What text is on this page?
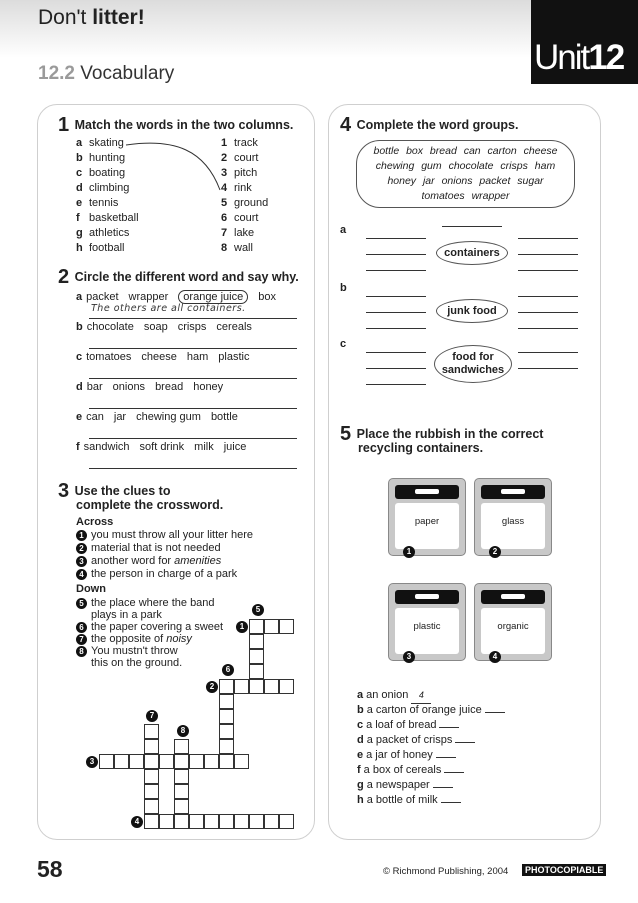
Don't litter!
Unit12
12.2 Vocabulary
1 Match the words in the two columns.
a skating	1 track
b hunting	2 court
c boating	3 pitch
d climbing	4 rink
e tennis	5 ground
f basketball	6 court
g athletics	7 lake
h football	8 wall
2 Circle the different word and say why.
a packet wrapper orange juice box
b chocolate soap crisps cereals
c tomatoes cheese ham plastic
d bar onions bread honey
e can jar chewing gum bottle
f sandwich soft drink milk juice
The others are all containers.
3 Use the clues to
complete the crossword.
Across
1 you must throw all your litter here
2 material that is not needed
3 another word for amenities
4 the person in charge of a park
Down
5 the place where the band
plays in a park
6 the paper covering a sweet
7 the opposite of noisy
8 You mustn't throw
this on the ground.
5
1
6
2
7
8
3
4
4 Complete the word groups.
bottle box bread can carton cheese
chewing gum chocolate crisps ham
honey jar onions packet sugar
tomatoes wrapper
a
containers
b
junk food
c
food for
sandwiches
5 Place the rubbish in the correct
recycling containers.
paper
1
glass
2
plastic
3
organic
4
a an onion 4
b a carton of orange juice
c a loaf of bread
d a packet of crisps
e a jar of honey
f a box of cereals
g a newspaper
h a bottle of milk
58	© Richmond Publishing, 2004	PHOTOCOPIABLE
